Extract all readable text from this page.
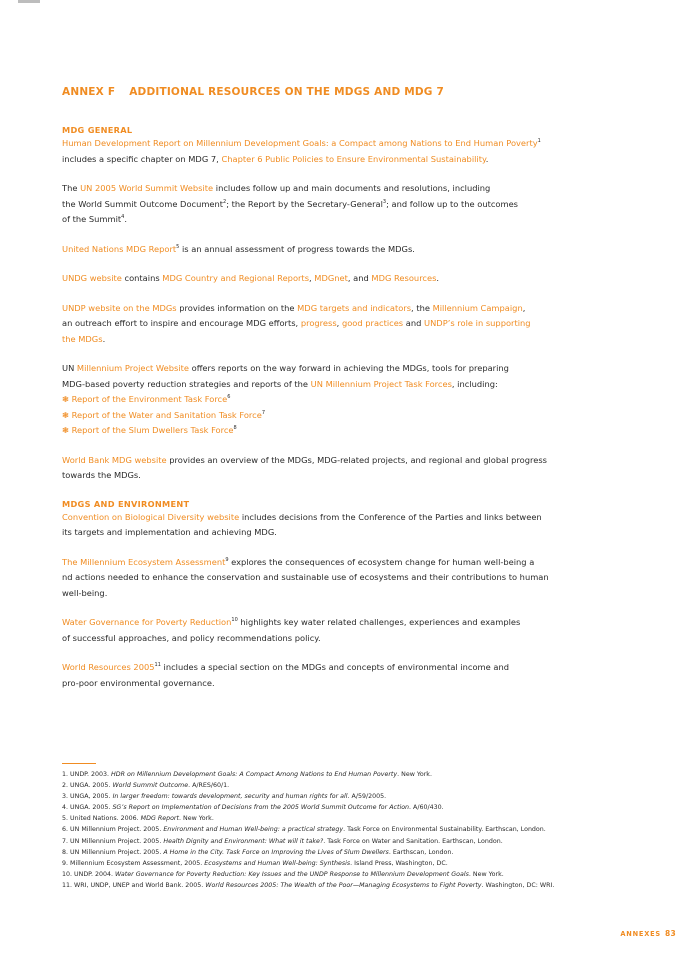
ANNEX F ADDITIONAL RESOURCES ON THE MDGS AND MDG 7
MDG GENERAL
Human Development Report on Millennium Development Goals: a Compact among Nations to End Human Poverty$^1$
includes a specific chapter on MDG 7, Chapter 6 Public Policies to Ensure Environmental Sustainability.
The UN 2005 World Summit Website includes follow up and main documents and resolutions, including
the World Summit Outcome Document$^2$; the Report by the Secretary-General$^3$; and follow up to the outcomes
of the Summit$^4$.
United Nations MDG Report$^5$ is an annual assessment of progress towards the MDGs.
UNDG website contains MDG Country and Regional Reports, MDGnet, and MDG Resources.
UNDP website on the MDGs provides information on the MDG targets and indicators, the Millennium Campaign,
an outreach effort to inspire and encourage MDG efforts, progress, good practices and UNDP’s role in supporting
the MDGs.
UN Millennium Project Website offers reports on the way forward in achieving the MDGs, tools for preparing
MDG-based poverty reduction strategies and reports of the UN Millennium Project Task Forces, including:
❃ Report of the Environment Task Force$^6$
❃ Report of the Water and Sanitation Task Force$^7$
❃ Report of the Slum Dwellers Task Force$^8$
World Bank MDG website provides an overview of the MDGs, MDG-related projects, and regional and global progress
towards the MDGs.
MDGS AND ENVIRONMENT
Convention on Biological Diversity website includes decisions from the Conference of the Parties and links between
its targets and implementation and achieving MDG.
The Millennium Ecosystem Assessment$^9$ explores the consequences of ecosystem change for human well-being a
nd actions needed to enhance the conservation and sustainable use of ecosystems and their contributions to human
well-being.
Water Governance for Poverty Reduction$^{10}$ highlights key water related challenges, experiences and examples
of successful approaches, and policy recommendations policy.
World Resources 2005$^{11}$ includes a special section on the MDGs and concepts of environmental income and
pro-poor environmental governance.
1. UNDP. 2003. HDR on Millennium Development Goals: A Compact Among Nations to End Human Poverty. New York.
2. UNGA. 2005. World Summit Outcome. A/RES/60/1.
3. UNGA, 2005. In larger freedom: towards development, security and human rights for all. A/59/2005.
4. UNGA. 2005. SG’s Report on Implementation of Decisions from the 2005 World Summit Outcome for Action. A/60/430.
5. United Nations. 2006. MDG Report. New York.
6. UN Millennium Project. 2005. Environment and Human Well-being: a practical strategy. Task Force on Environmental Sustainability. Earthscan, London.
7. UN Millennium Project. 2005. Health Dignity and Environment: What will it take?. Task Force on Water and Sanitation. Earthscan, London.
8. UN Millennium Project. 2005. A Home in the City. Task Force on Improving the Lives of Slum Dwellers. Earthscan, London.
9. Millennium Ecosystem Assessment, 2005. Ecosystems and Human Well-being: Synthesis. Island Press, Washington, DC.
10. UNDP. 2004. Water Governance for Poverty Reduction: Key Issues and the UNDP Response to Millennium Development Goals. New York.
11. WRI, UNDP, UNEP and World Bank. 2005. World Resources 2005: The Wealth of the Poor—Managing Ecosystems to Fight Poverty. Washington, DC: WRI.
ANNEXES 83
